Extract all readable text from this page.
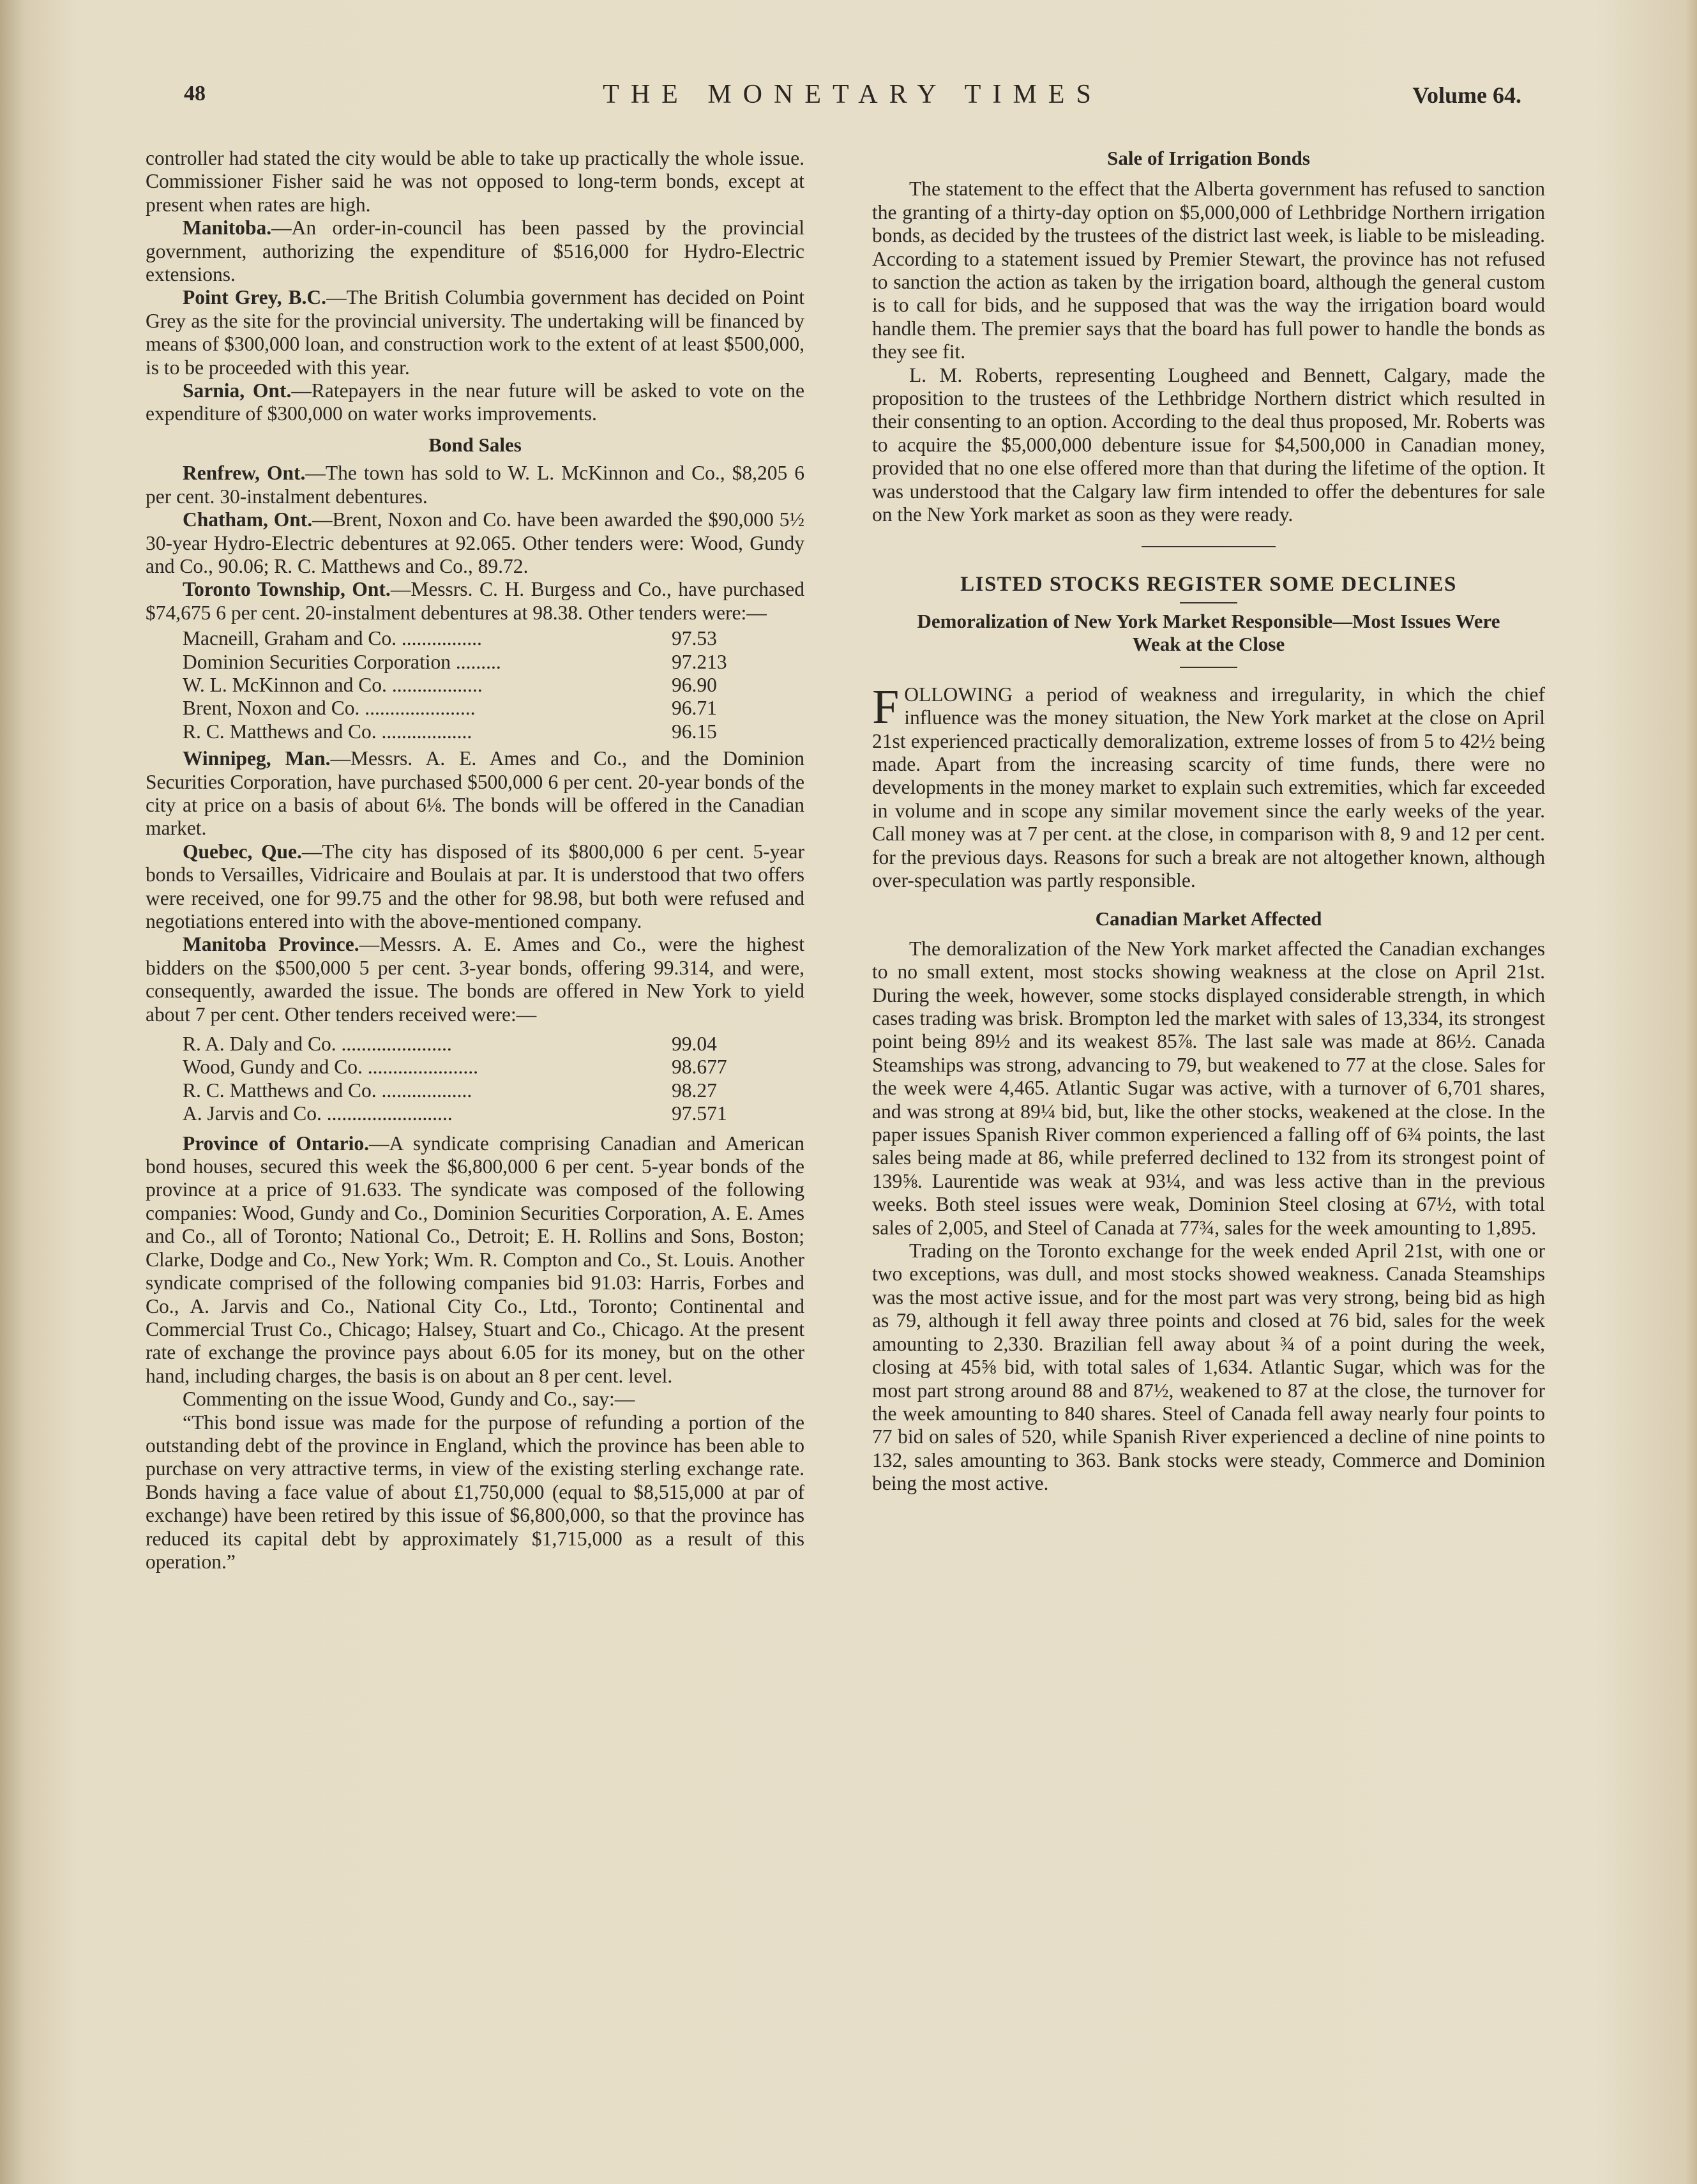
48	THE MONETARY TIMES	Volume 64.

controller had stated the city would be able to take up practically the whole issue. Commissioner Fisher said he was not opposed to long-term bonds, except at present when rates are high.

Manitoba.—An order-in-council has been passed by the provincial government, authorizing the expenditure of $516,000 for Hydro-Electric extensions.

Point Grey, B.C.—The British Columbia government has decided on Point Grey as the site for the provincial university. The undertaking will be financed by means of $300,000 loan, and construction work to the extent of at least $500,000, is to be proceeded with this year.

Sarnia, Ont.—Ratepayers in the near future will be asked to vote on the expenditure of $300,000 on water works improvements.

Bond Sales

Renfrew, Ont.—The town has sold to W. L. McKinnon and Co., $8,205 6 per cent. 30-instalment debentures.

Chatham, Ont.—Brent, Noxon and Co. have been awarded the $90,000 5½ 30-year Hydro-Electric debentures at 92.065. Other tenders were: Wood, Gundy and Co., 90.06; R. C. Matthews and Co., 89.72.

Toronto Township, Ont.—Messrs. C. H. Burgess and Co., have purchased $74,675 6 per cent. 20-instalment debentures at 98.38. Other tenders were:—

Macneill, Graham and Co. ................	97.53
Dominion Securities Corporation .........	97.213
W. L. McKinnon and Co. ..................	96.90
Brent, Noxon and Co. ......................	96.71
R. C. Matthews and Co. ..................	96.15

Winnipeg, Man.—Messrs. A. E. Ames and Co., and the Dominion Securities Corporation, have purchased $500,000 6 per cent. 20-year bonds of the city at price on a basis of about 6⅛. The bonds will be offered in the Canadian market.

Quebec, Que.—The city has disposed of its $800,000 6 per cent. 5-year bonds to Versailles, Vidricaire and Boulais at par. It is understood that two offers were received, one for 99.75 and the other for 98.98, but both were refused and negotiations entered into with the above-mentioned company.

Manitoba Province.—Messrs. A. E. Ames and Co., were the highest bidders on the $500,000 5 per cent. 3-year bonds, offering 99.314, and were, consequently, awarded the issue. The bonds are offered in New York to yield about 7 per cent. Other tenders received were:—

R. A. Daly and Co. ......................	99.04
Wood, Gundy and Co. ......................	98.677
R. C. Matthews and Co. ..................	98.27
A. Jarvis and Co. .........................	97.571

Province of Ontario.—A syndicate comprising Canadian and American bond houses, secured this week the $6,800,000 6 per cent. 5-year bonds of the province at a price of 91.633. The syndicate was composed of the following companies: Wood, Gundy and Co., Dominion Securities Corporation, A. E. Ames and Co., all of Toronto; National Co., Detroit; E. H. Rollins and Sons, Boston; Clarke, Dodge and Co., New York; Wm. R. Compton and Co., St. Louis. Another syndicate comprised of the following companies bid 91.03: Harris, Forbes and Co., A. Jarvis and Co., National City Co., Ltd., Toronto; Continental and Commercial Trust Co., Chicago; Halsey, Stuart and Co., Chicago. At the present rate of exchange the province pays about 6.05 for its money, but on the other hand, including charges, the basis is on about an 8 per cent. level.

Commenting on the issue Wood, Gundy and Co., say:—

“This bond issue was made for the purpose of refunding a portion of the outstanding debt of the province in England, which the province has been able to purchase on very attractive terms, in view of the existing sterling exchange rate. Bonds having a face value of about £1,750,000 (equal to $8,515,000 at par of exchange) have been retired by this issue of $6,800,000, so that the province has reduced its capital debt by approximately $1,715,000 as a result of this operation.”

Sale of Irrigation Bonds

The statement to the effect that the Alberta government has refused to sanction the granting of a thirty-day option on $5,000,000 of Lethbridge Northern irrigation bonds, as decided by the trustees of the district last week, is liable to be misleading. According to a statement issued by Premier Stewart, the province has not refused to sanction the action as taken by the irrigation board, although the general custom is to call for bids, and he supposed that was the way the irrigation board would handle them. The premier says that the board has full power to handle the bonds as they see fit.

L. M. Roberts, representing Lougheed and Bennett, Calgary, made the proposition to the trustees of the Lethbridge Northern district which resulted in their consenting to an option. According to the deal thus proposed, Mr. Roberts was to acquire the $5,000,000 debenture issue for $4,500,000 in Canadian money, provided that no one else offered more than that during the lifetime of the option. It was understood that the Calgary law firm intended to offer the debentures for sale on the New York market as soon as they were ready.

LISTED STOCKS REGISTER SOME DECLINES
Demoralization of New York Market Responsible—Most Issues Were Weak at the Close

FOLLOWING a period of weakness and irregularity, in which the chief influence was the money situation, the New York market at the close on April 21st experienced practically demoralization, extreme losses of from 5 to 42½ being made. Apart from the increasing scarcity of time funds, there were no developments in the money market to explain such extremities, which far exceeded in volume and in scope any similar movement since the early weeks of the year. Call money was at 7 per cent. at the close, in comparison with 8, 9 and 12 per cent. for the previous days. Reasons for such a break are not altogether known, although over-speculation was partly responsible.

Canadian Market Affected

The demoralization of the New York market affected the Canadian exchanges to no small extent, most stocks showing weakness at the close on April 21st. During the week, however, some stocks displayed considerable strength, in which cases trading was brisk. Brompton led the market with sales of 13,334, its strongest point being 89½ and its weakest 85⅞. The last sale was made at 86½. Canada Steamships was strong, advancing to 79, but weakened to 77 at the close. Sales for the week were 4,465. Atlantic Sugar was active, with a turnover of 6,701 shares, and was strong at 89¼ bid, but, like the other stocks, weakened at the close. In the paper issues Spanish River common experienced a falling off of 6¾ points, the last sales being made at 86, while preferred declined to 132 from its strongest point of 139⅝. Laurentide was weak at 93¼, and was less active than in the previous weeks. Both steel issues were weak, Dominion Steel closing at 67½, with total sales of 2,005, and Steel of Canada at 77¾, sales for the week amounting to 1,895.

Trading on the Toronto exchange for the week ended April 21st, with one or two exceptions, was dull, and most stocks showed weakness. Canada Steamships was the most active issue, and for the most part was very strong, being bid as high as 79, although it fell away three points and closed at 76 bid, sales for the week amounting to 2,330. Brazilian fell away about ¾ of a point during the week, closing at 45⅝ bid, with total sales of 1,634. Atlantic Sugar, which was for the most part strong around 88 and 87½, weakened to 87 at the close, the turnover for the week amounting to 840 shares. Steel of Canada fell away nearly four points to 77 bid on sales of 520, while Spanish River experienced a decline of nine points to 132, sales amounting to 363. Bank stocks were steady, Commerce and Dominion being the most active.
